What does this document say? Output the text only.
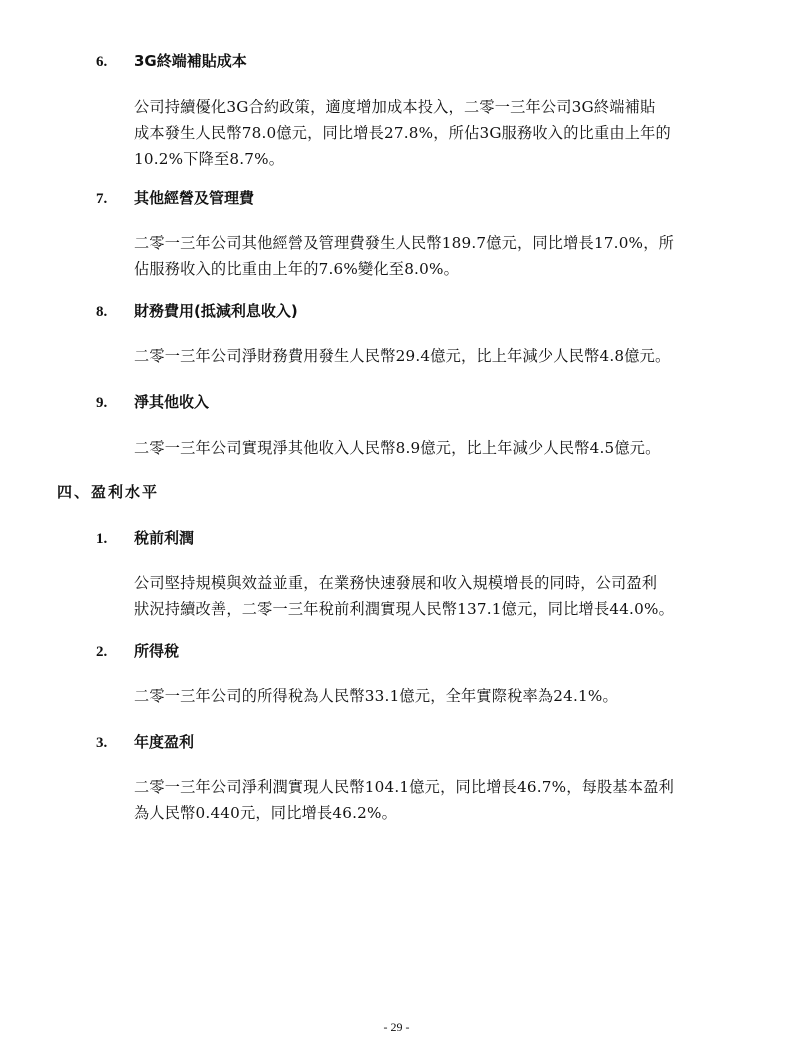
6. 3G終端補貼成本
公司持續優化3G合約政策，適度增加成本投入，二零一三年公司3G終端補貼
成本發生人民幣78.0億元，同比增長27.8%，所佔3G服務收入的比重由上年的
10.2%下降至8.7%。
7. 其他經營及管理費
二零一三年公司其他經營及管理費發生人民幣189.7億元，同比增長17.0%，所
佔服務收入的比重由上年的7.6%變化至8.0%。
8. 財務費用(抵減利息收入)
二零一三年公司淨財務費用發生人民幣29.4億元，比上年減少人民幣4.8億元。
9. 淨其他收入
二零一三年公司實現淨其他收入人民幣8.9億元，比上年減少人民幣4.5億元。
四、盈利水平
1. 稅前利潤
公司堅持規模與效益並重，在業務快速發展和收入規模增長的同時，公司盈利
狀況持續改善，二零一三年稅前利潤實現人民幣137.1億元，同比增長44.0%。
2. 所得稅
二零一三年公司的所得稅為人民幣33.1億元，全年實際稅率為24.1%。
3. 年度盈利
二零一三年公司淨利潤實現人民幣104.1億元，同比增長46.7%，每股基本盈利
為人民幣0.440元，同比增長46.2%。
- 29 -
